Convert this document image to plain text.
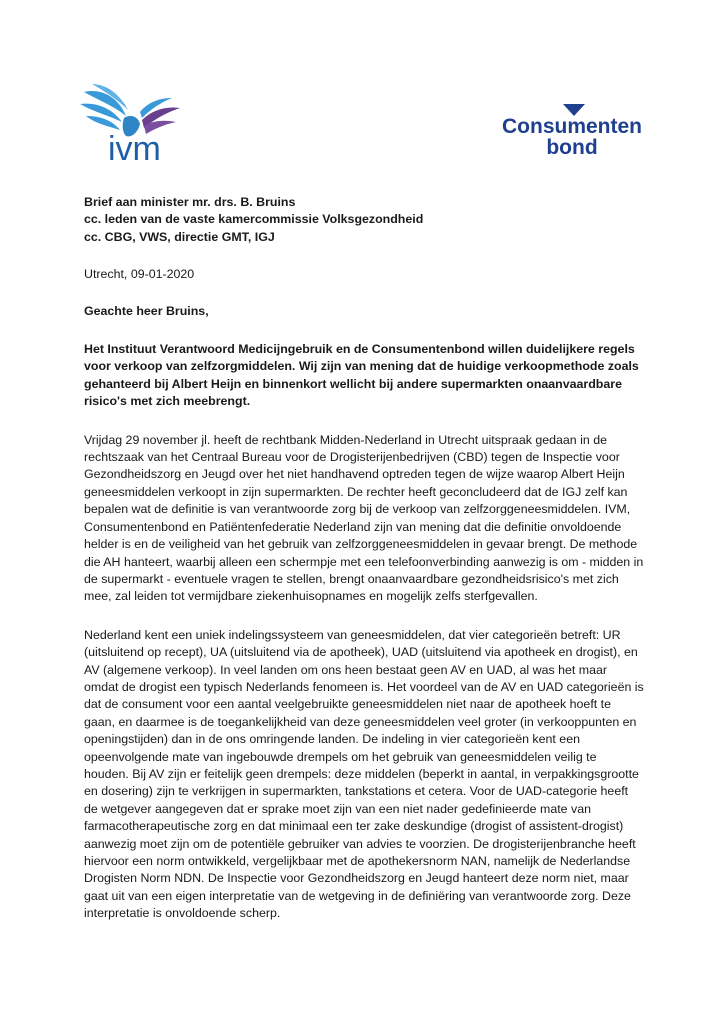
ivm
Consumenten
bond
Brief aan minister mr. drs. B. Bruins
cc. leden van de vaste kamercommissie Volksgezondheid
cc. CBG, VWS, directie GMT, IGJ
Utrecht, 09-01-2020
Geachte heer Bruins,

Het Instituut Verantwoord Medicijngebruik en de Consumentenbond willen duidelijkere regels voor verkoop van zelfzorgmiddelen. Wij zijn van mening dat de huidige verkoopmethode zoals gehanteerd bij Albert Heijn en binnenkort wellicht bij andere supermarkten onaanvaardbare risico's met zich meebrengt.

Vrijdag 29 november jl. heeft de rechtbank Midden-Nederland in Utrecht uitspraak gedaan in de rechtszaak van het Centraal Bureau voor de Drogisterijenbedrijven (CBD) tegen de Inspectie voor Gezondheidszorg en Jeugd over het niet handhavend optreden tegen de wijze waarop Albert Heijn geneesmiddelen verkoopt in zijn supermarkten. De rechter heeft geconcludeerd dat de IGJ zelf kan bepalen wat de definitie is van verantwoorde zorg bij de verkoop van zelfzorggeneesmiddelen. IVM, Consumentenbond en Patiëntenfederatie Nederland zijn van mening dat die definitie onvoldoende helder is en de veiligheid van het gebruik van zelfzorggeneesmiddelen in gevaar brengt. De methode die AH hanteert, waarbij alleen een schermpje met een telefoonverbinding aanwezig is om - midden in de supermarkt - eventuele vragen te stellen, brengt onaanvaardbare gezondheidsrisico's met zich mee, zal leiden tot vermijdbare ziekenhuisopnames en mogelijk zelfs sterfgevallen.

Nederland kent een uniek indelingssysteem van geneesmiddelen, dat vier categorieën betreft: UR (uitsluitend op recept), UA (uitsluitend via de apotheek), UAD (uitsluitend via apotheek en drogist), en AV (algemene verkoop). In veel landen om ons heen bestaat geen AV en UAD, al was het maar omdat de drogist een typisch Nederlands fenomeen is. Het voordeel van de AV en UAD categorieën is dat de consument voor een aantal veelgebruikte geneesmiddelen niet naar de apotheek hoeft te gaan, en daarmee is de toegankelijkheid van deze geneesmiddelen veel groter (in verkooppunten en openingstijden) dan in de ons omringende landen. De indeling in vier categorieën kent een opeenvolgende mate van ingebouwde drempels om het gebruik van geneesmiddelen veilig te houden. Bij AV zijn er feitelijk geen drempels: deze middelen (beperkt in aantal, in verpakkingsgrootte en dosering) zijn te verkrijgen in supermarkten, tankstations et cetera. Voor de UAD-categorie heeft de wetgever aangegeven dat er sprake moet zijn van een niet nader gedefinieerde mate van farmacotherapeutische zorg en dat minimaal een ter zake deskundige (drogist of assistent-drogist) aanwezig moet zijn om de potentiële gebruiker van advies te voorzien. De drogisterijenbranche heeft hiervoor een norm ontwikkeld, vergelijkbaar met de apothekersnorm NAN, namelijk de Nederlandse Drogisten Norm NDN. De Inspectie voor Gezondheidszorg en Jeugd hanteert deze norm niet, maar gaat uit van een eigen interpretatie van de wetgeving in de definiëring van verantwoorde zorg. Deze interpretatie is onvoldoende scherp.
